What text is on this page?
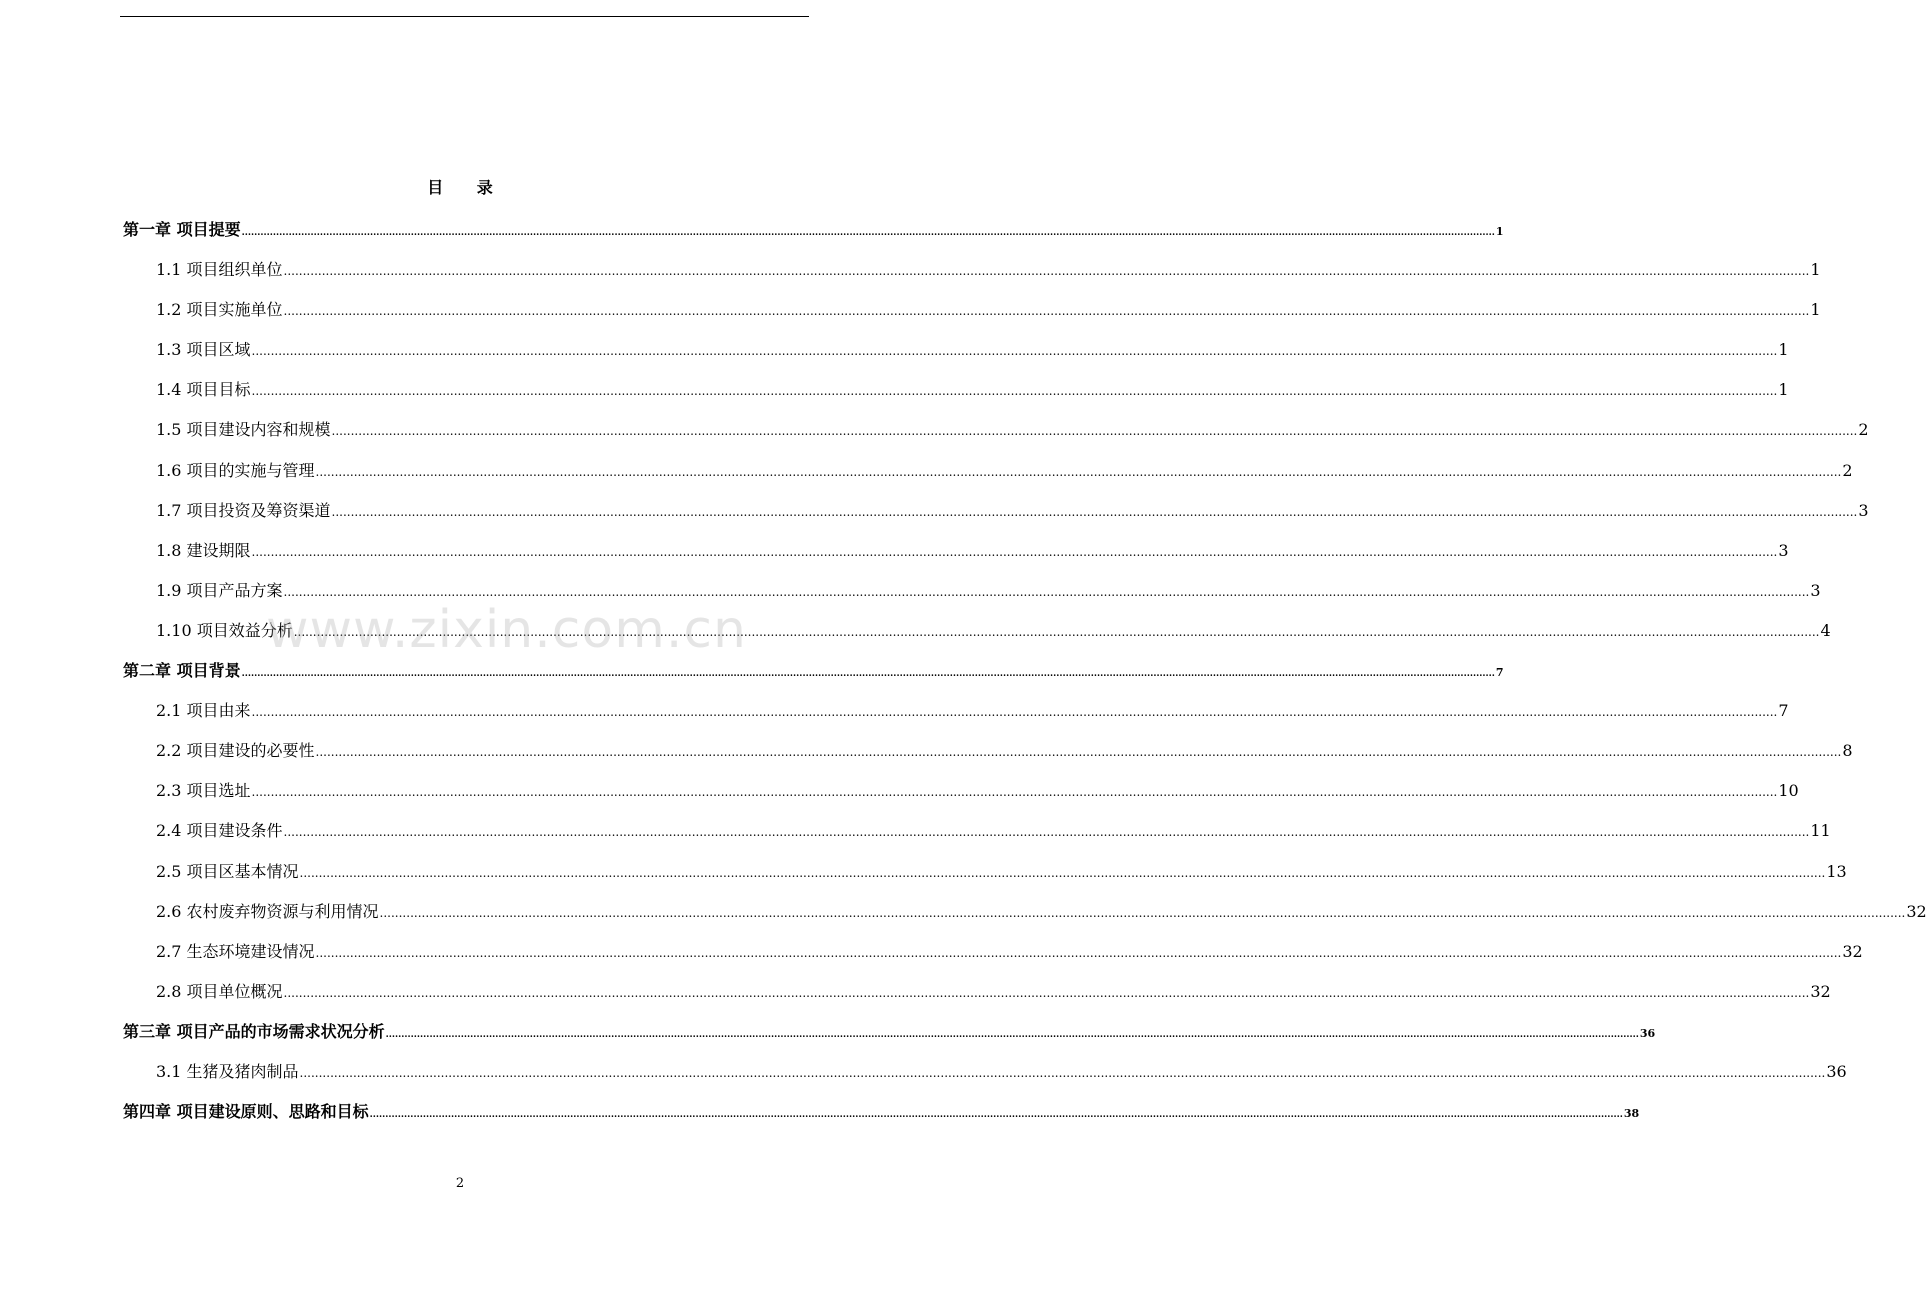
目 录
第一章 项目提要 ................................................................................................................................................................................................................................................................................................................................................................................................................ 1
1.1 项目组织单位 ................................................................................................................................................................................................................................................................................................................................................................................................................ 1
1.2 项目实施单位 ................................................................................................................................................................................................................................................................................................................................................................................................................ 1
1.3 项目区域 ................................................................................................................................................................................................................................................................................................................................................................................................................ 1
1.4 项目目标 ................................................................................................................................................................................................................................................................................................................................................................................................................ 1
1.5 项目建设内容和规模 ................................................................................................................................................................................................................................................................................................................................................................................................................ 2
1.6 项目的实施与管理 ................................................................................................................................................................................................................................................................................................................................................................................................................ 2
1.7 项目投资及筹资渠道 ................................................................................................................................................................................................................................................................................................................................................................................................................ 3
1.8 建设期限 ................................................................................................................................................................................................................................................................................................................................................................................................................ 3
1.9 项目产品方案 ................................................................................................................................................................................................................................................................................................................................................................................................................ 3
1.10 项目效益分析 ................................................................................................................................................................................................................................................................................................................................................................................................................ 4
第二章 项目背景 ................................................................................................................................................................................................................................................................................................................................................................................................................ 7
2.1 项目由来 ................................................................................................................................................................................................................................................................................................................................................................................................................ 7
2.2 项目建设的必要性 ................................................................................................................................................................................................................................................................................................................................................................................................................ 8
2.3 项目选址 ................................................................................................................................................................................................................................................................................................................................................................................................................ 10
2.4 项目建设条件 ................................................................................................................................................................................................................................................................................................................................................................................................................ 11
2.5 项目区基本情况 ................................................................................................................................................................................................................................................................................................................................................................................................................ 13
2.6 农村废弃物资源与利用情况 ................................................................................................................................................................................................................................................................................................................................................................................................................ 32
2.7 生态环境建设情况 ................................................................................................................................................................................................................................................................................................................................................................................................................ 32
2.8 项目单位概况 ................................................................................................................................................................................................................................................................................................................................................................................................................ 32
第三章 项目产品的市场需求状况分析 ................................................................................................................................................................................................................................................................................................................................................................................................................ 36
3.1 生猪及猪肉制品 ................................................................................................................................................................................................................................................................................................................................................................................................................ 36
第四章 项目建设原则、思路和目标 ................................................................................................................................................................................................................................................................................................................................................................................................................ 38
www.zixin.com.cn
2
